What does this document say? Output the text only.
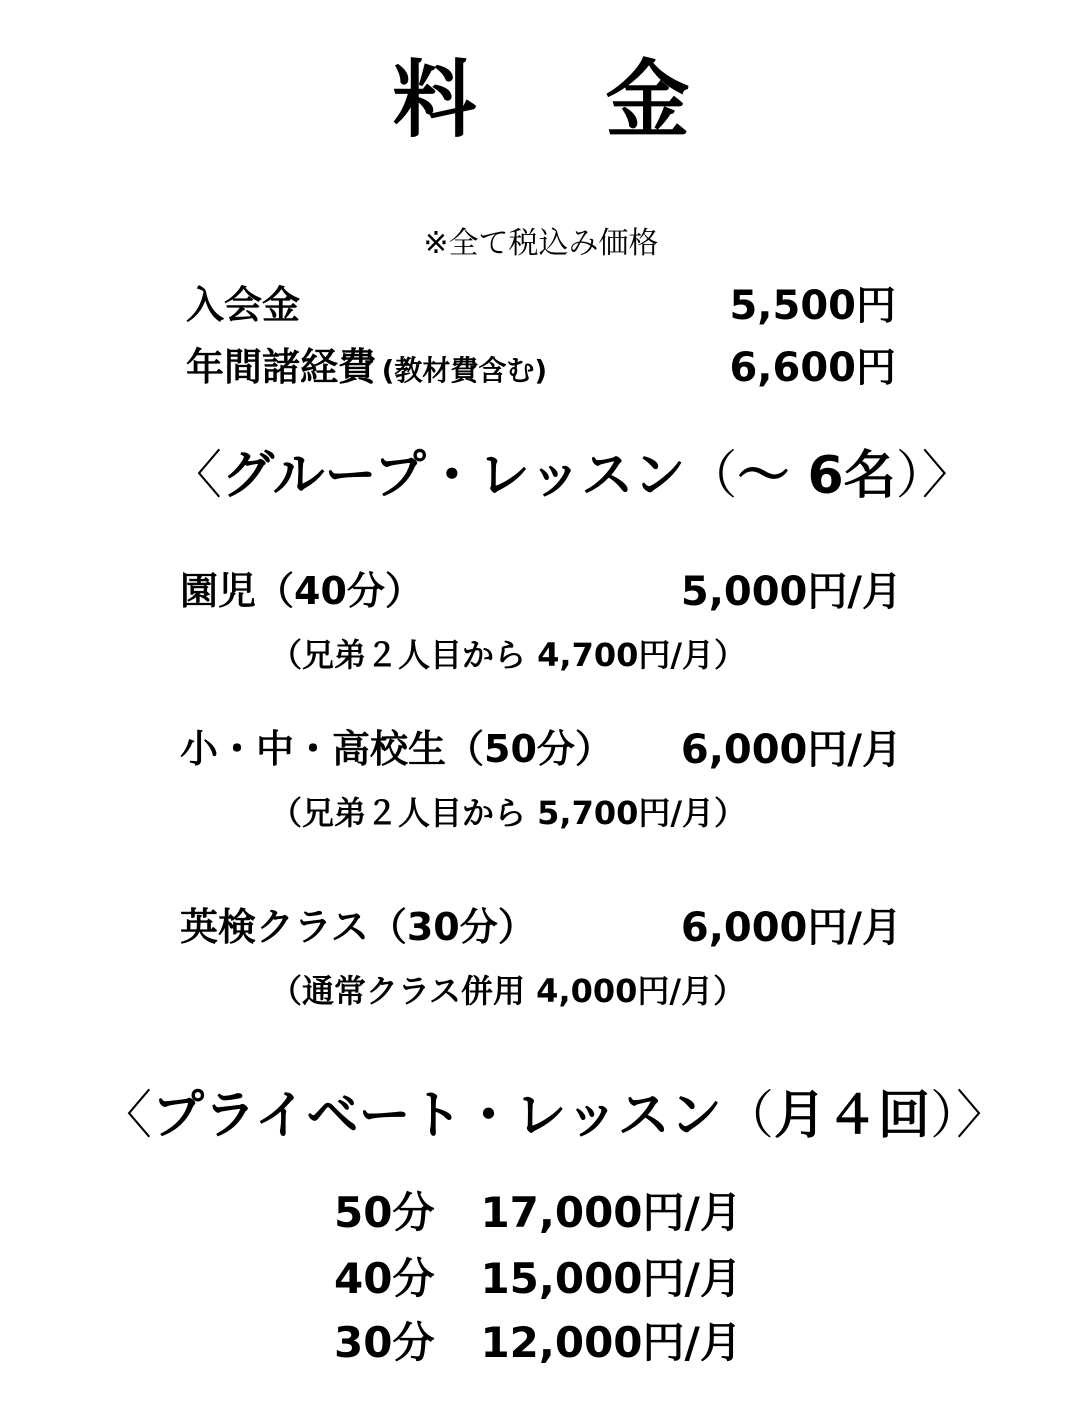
料 金
※全て税込み価格
入会金	5,500円
年間諸経費 (教材費含む)	6,600円
〈グループ・レッスン（〜 6名）〉
園児（40分）	5,000円/月
（兄弟２人目から 4,700円/月）
小・中・高校生（50分） 6,000円/月
（兄弟２人目から 5,700円/月）
英検クラス（30分）	6,000円/月
（通常クラス併用 4,000円/月）
〈プライベート・レッスン（月４回）〉
50分 17,000円/月
40分 15,000円/月
30分 12,000円/月
